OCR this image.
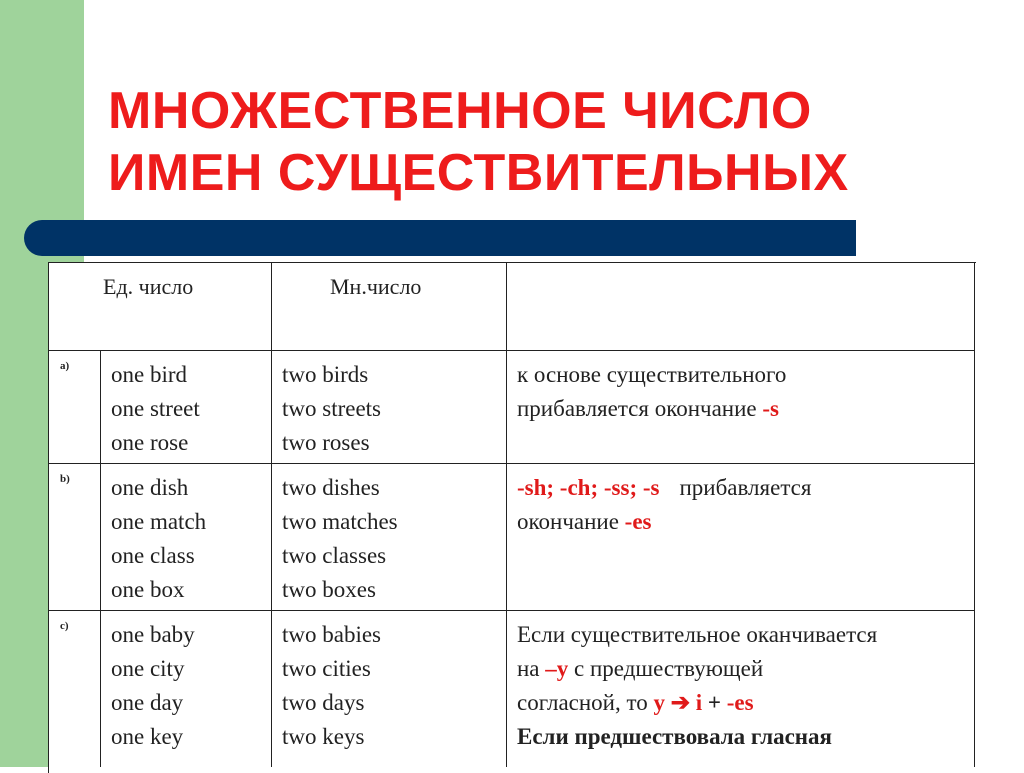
МНОЖЕСТВЕННОЕ ЧИСЛО
ИМЕН СУЩЕСТВИТЕЛЬНЫХ
Ед. число	Мн.число
a) one bird
one street
one rose
two birds
two streets
two roses
к основе существительного
прибавляется окончание -s
b) one dish
one match
one class
one box
two dishes
two matches
two classes
two boxes
-sh; -ch; -ss; -s прибавляется
окончание -es
c) one baby
one city
one day
one key
two babies
two cities
two days
two keys
Если существительное оканчивается
на –y с предшествующей
согласной, то y ➔ i + -es
Если предшествовала гласная
